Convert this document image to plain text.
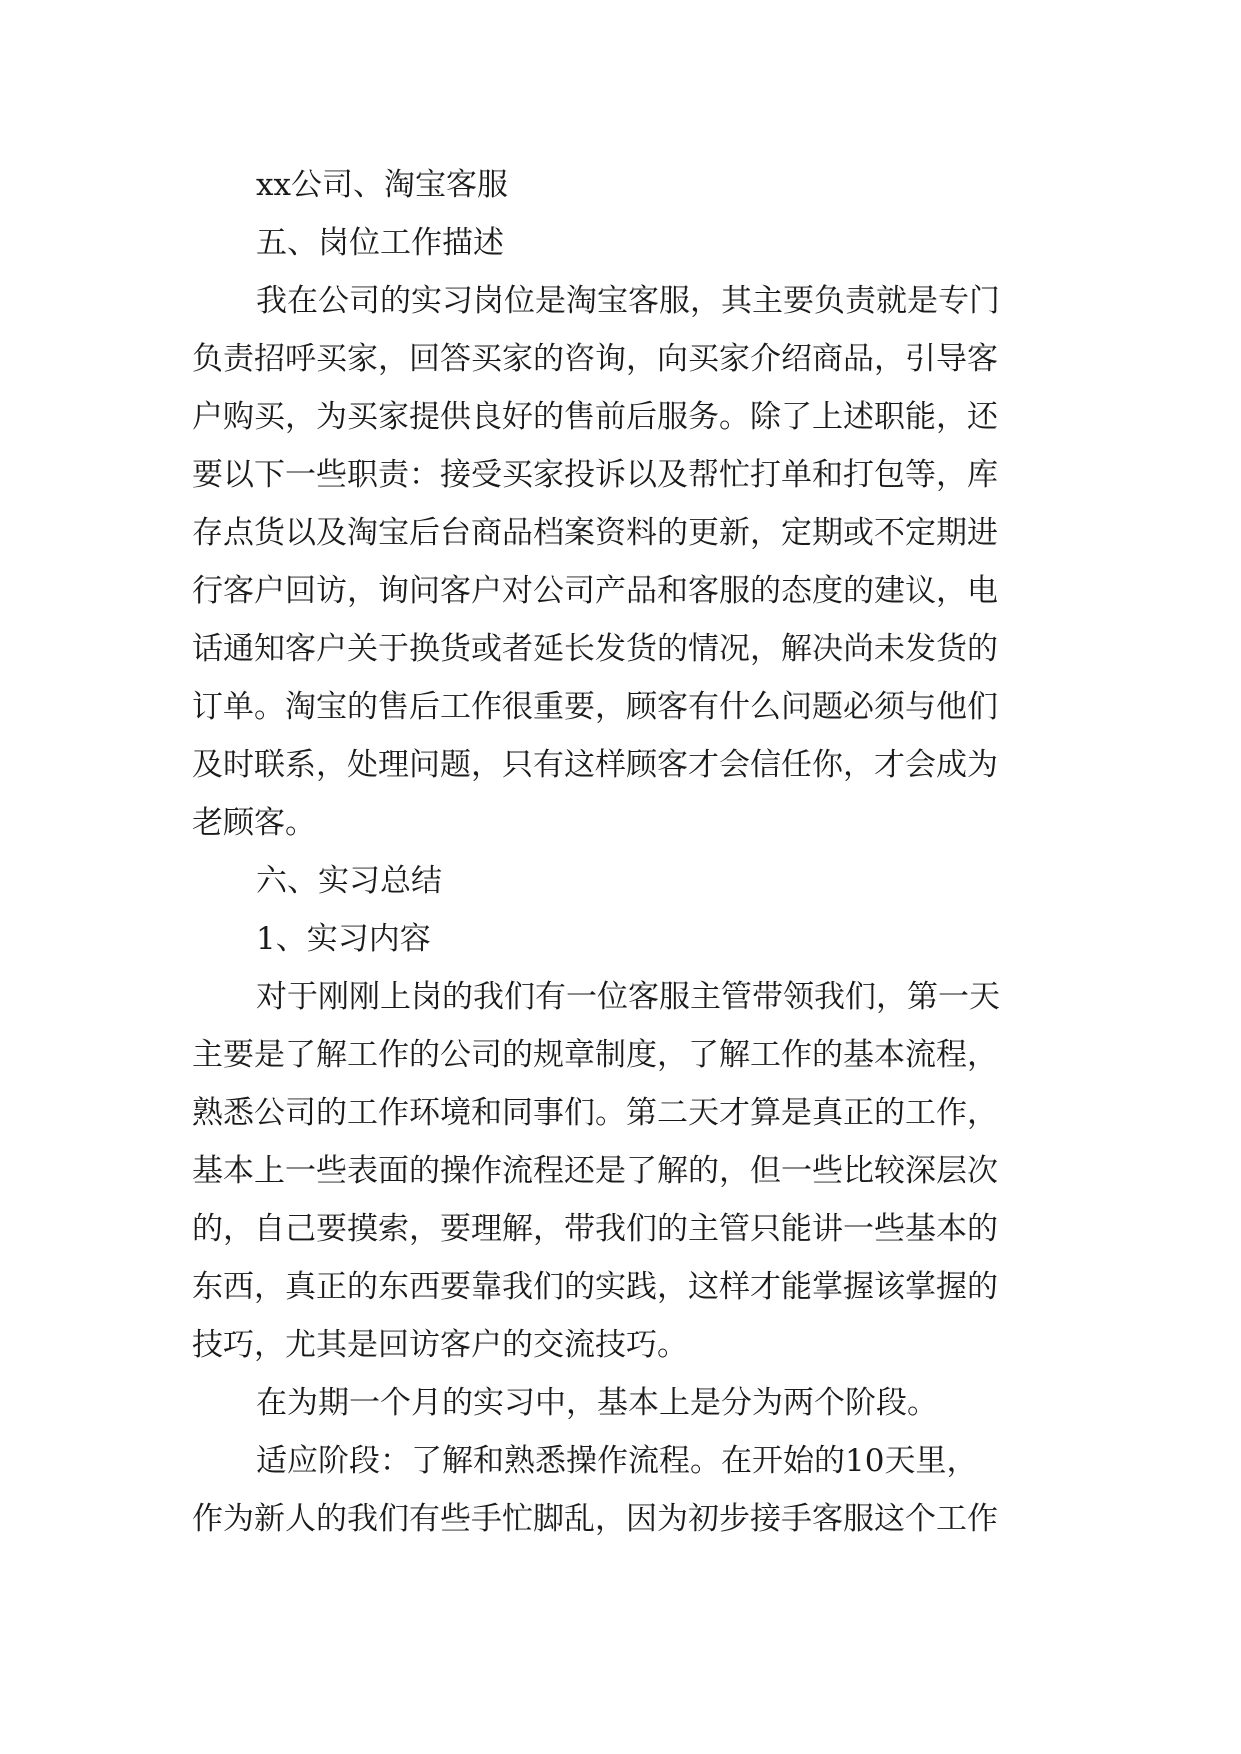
xx公司、淘宝客服
五、岗位工作描述
我在公司的实习岗位是淘宝客服，其主要负责就是专门
负责招呼买家，回答买家的咨询，向买家介绍商品，引导客
户购买，为买家提供良好的售前后服务。除了上述职能，还
要以下一些职责：接受买家投诉以及帮忙打单和打包等，库
存点货以及淘宝后台商品档案资料的更新，定期或不定期进
行客户回访，询问客户对公司产品和客服的态度的建议，电
话通知客户关于换货或者延长发货的情况，解决尚未发货的
订单。淘宝的售后工作很重要，顾客有什么问题必须与他们
及时联系，处理问题，只有这样顾客才会信任你，才会成为
老顾客。
六、实习总结
1、实习内容
对于刚刚上岗的我们有一位客服主管带领我们，第一天
主要是了解工作的公司的规章制度，了解工作的基本流程，
熟悉公司的工作环境和同事们。第二天才算是真正的工作，
基本上一些表面的操作流程还是了解的，但一些比较深层次
的，自己要摸索，要理解，带我们的主管只能讲一些基本的
东西，真正的东西要靠我们的实践，这样才能掌握该掌握的
技巧，尤其是回访客户的交流技巧。
在为期一个月的实习中，基本上是分为两个阶段。
适应阶段：了解和熟悉操作流程。在开始的10天里，
作为新人的我们有些手忙脚乱，因为初步接手客服这个工作
